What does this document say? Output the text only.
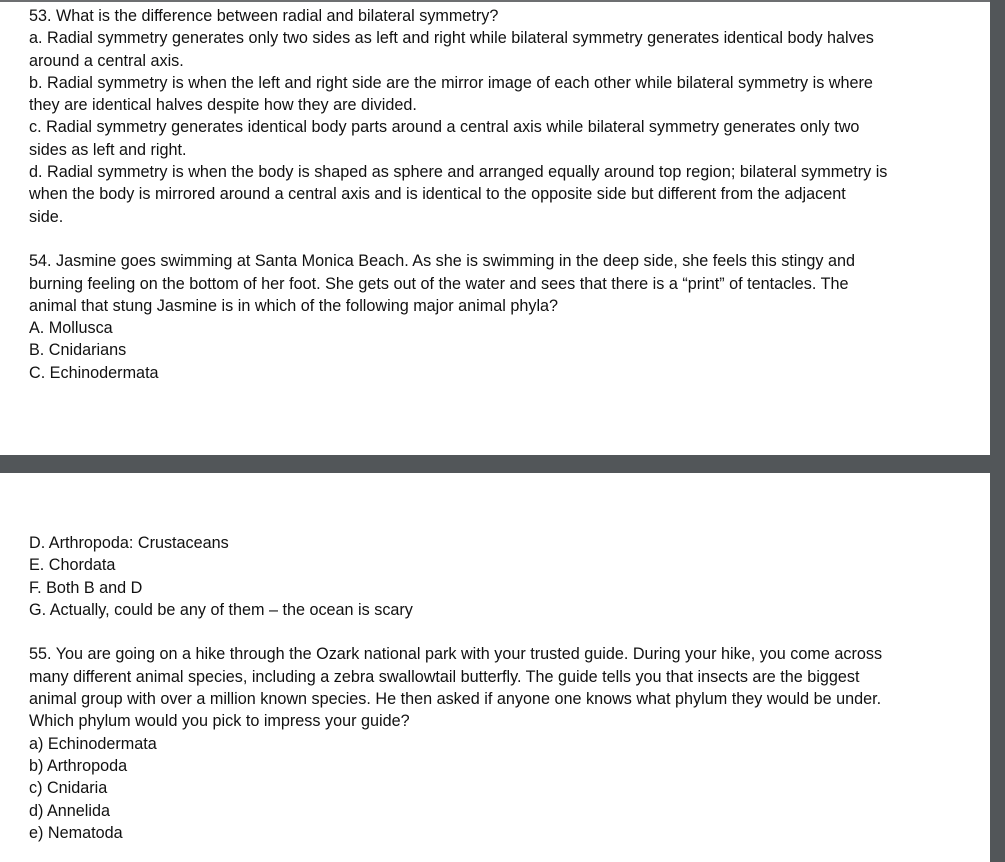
53. What is the difference between radial and bilateral symmetry?
a. Radial symmetry generates only two sides as left and right while bilateral symmetry generates identical body halves
around a central axis.
b. Radial symmetry is when the left and right side are the mirror image of each other while bilateral symmetry is where
they are identical halves despite how they are divided.
c. Radial symmetry generates identical body parts around a central axis while bilateral symmetry generates only two
sides as left and right.
d. Radial symmetry is when the body is shaped as sphere and arranged equally around top region; bilateral symmetry is
when the body is mirrored around a central axis and is identical to the opposite side but different from the adjacent
side.
54. Jasmine goes swimming at Santa Monica Beach. As she is swimming in the deep side, she feels this stingy and
burning feeling on the bottom of her foot. She gets out of the water and sees that there is a “print” of tentacles. The
animal that stung Jasmine is in which of the following major animal phyla?
A. Mollusca
B. Cnidarians
C. Echinodermata
D. Arthropoda: Crustaceans
E. Chordata
F. Both B and D
G. Actually, could be any of them – the ocean is scary
55. You are going on a hike through the Ozark national park with your trusted guide. During your hike, you come across
many different animal species, including a zebra swallowtail butterfly. The guide tells you that insects are the biggest
animal group with over a million known species. He then asked if anyone one knows what phylum they would be under.
Which phylum would you pick to impress your guide?
a) Echinodermata
b) Arthropoda
c) Cnidaria
d) Annelida
e) Nematoda
